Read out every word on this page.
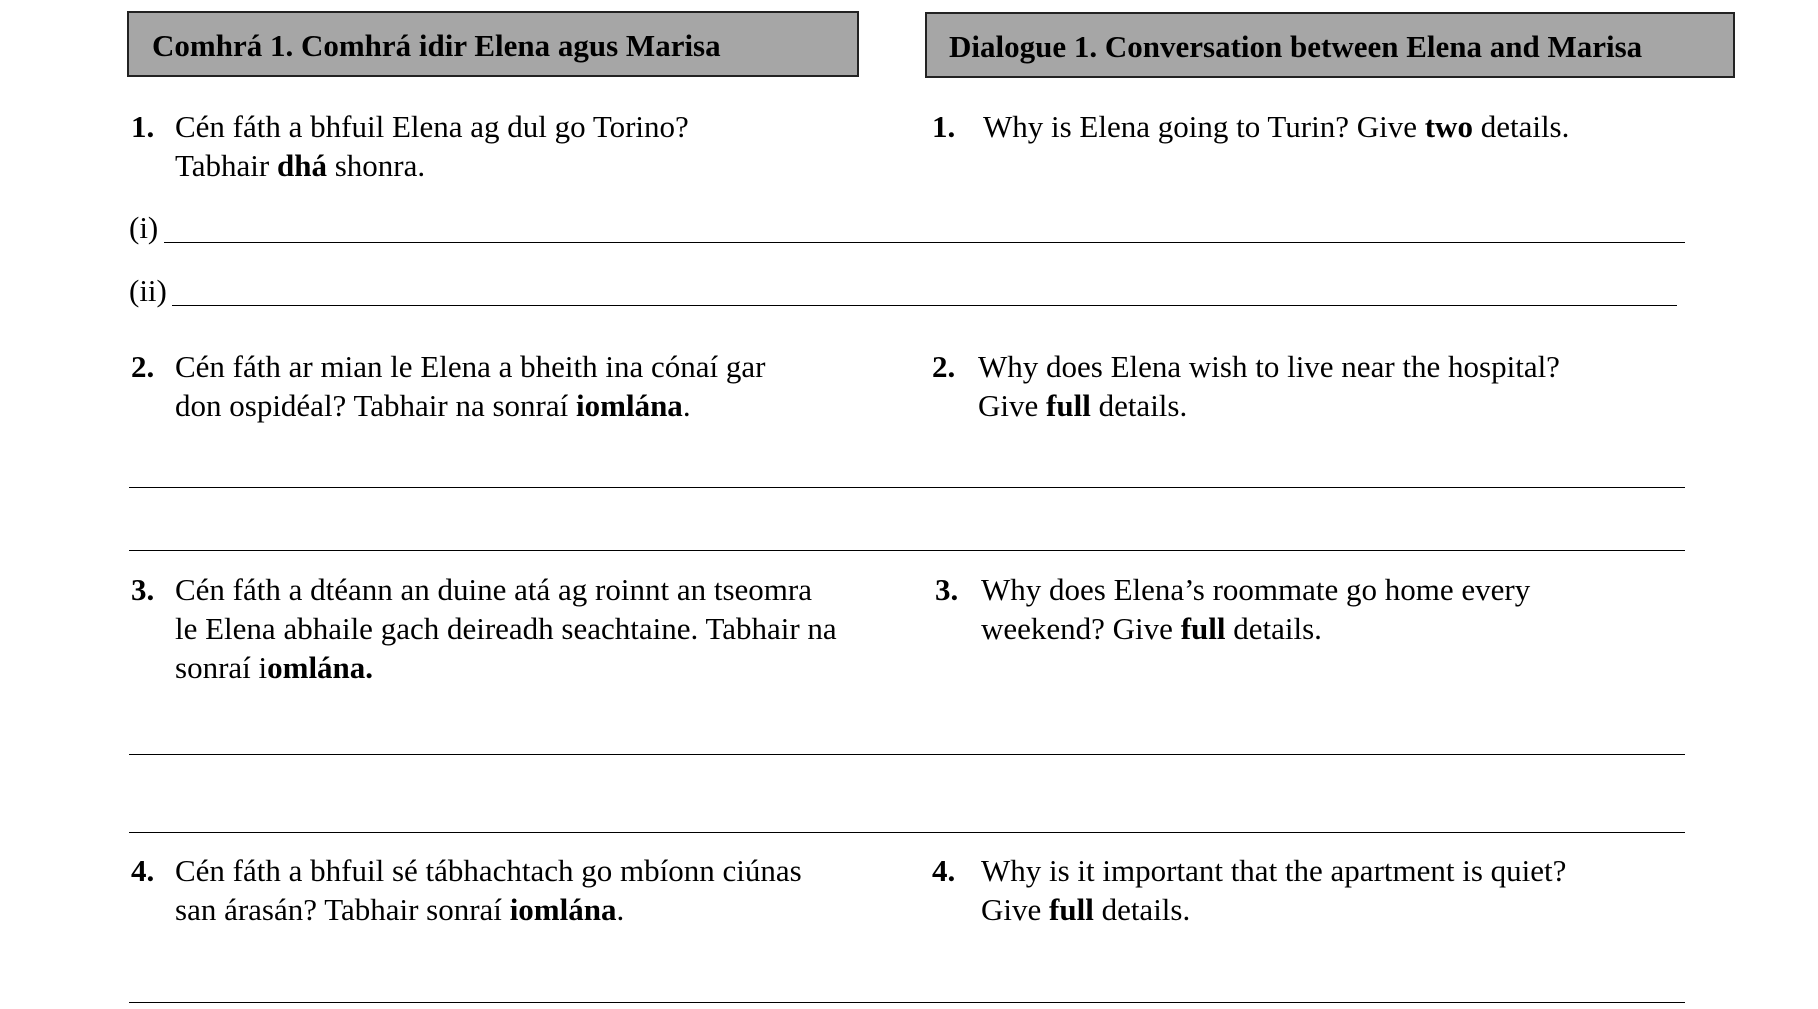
Comhrá 1. Comhrá idir Elena agus Marisa	Dialogue 1. Conversation between Elena and Marisa
1. Cén fáth a bhfuil Elena ag dul go Torino?
Tabhair dhá shonra.
1. Why is Elena going to Turin? Give two details.
(i)
(ii)
2. Cén fáth ar mian le Elena a bheith ina cónaí gar
don ospidéal? Tabhair na sonraí iomlána.
2. Why does Elena wish to live near the hospital?
Give full details.
3. Cén fáth a dtéann an duine atá ag roinnt an tseomra
le Elena abhaile gach deireadh seachtaine. Tabhair na
sonraí iomlána.
3. Why does Elena’s roommate go home every
weekend? Give full details.
4. Cén fáth a bhfuil sé tábhachtach go mbíonn ciúnas
san árasán? Tabhair sonraí iomlána.
4. Why is it important that the apartment is quiet?
Give full details.
